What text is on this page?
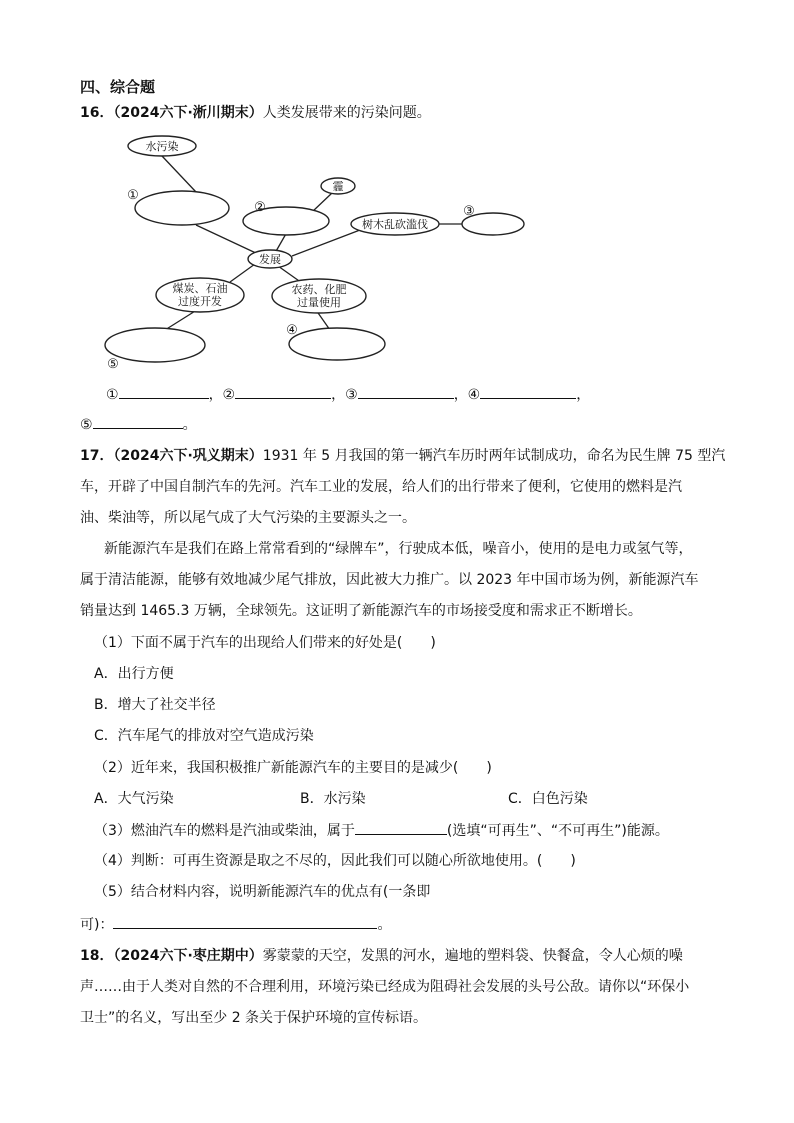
四、综合题
16．（2024六下·淅川期末）人类发展带来的污染问题。
水污染
霾
树木乱砍滥伐
发展
煤炭、石油
过度开发
农药、化肥
过量使用
①
②	③
④
⑤
①	，②	，③	，④	，
⑤	。
17．（2024六下·巩义期末）1931 年 5 月我国的第一辆汽车历时两年试制成功，命名为民生牌 75 型汽
车，开辟了中国自制汽车的先河。汽车工业的发展，给人们的出行带来了便利，它使用的燃料是汽
油、柴油等，所以尾气成了大气污染的主要源头之一。
新能源汽车是我们在路上常常看到的“绿牌车”，行驶成本低，噪音小，使用的是电力或氢气等，
属于清洁能源，能够有效地减少尾气排放，因此被大力推广。以 2023 年中国市场为例，新能源汽车
销量达到 1465.3 万辆，全球领先。这证明了新能源汽车的市场接受度和需求正不断增长。
（1）下面不属于汽车的出现给人们带来的好处是(　　)
A．出行方便
B．增大了社交半径
C．汽车尾气的排放对空气造成污染
（2）近年来，我国积极推广新能源汽车的主要目的是减少(　　)
A．大气污染	B．水污染	C．白色污染
（3）燃油汽车的燃料是汽油或柴油，属于	(选填“可再生”、“不可再生”)能源。
（4）判断：可再生资源是取之不尽的，因此我们可以随心所欲地使用。(　　)
（5）结合材料内容，说明新能源汽车的优点有(一条即
可)：	。
18．（2024六下·枣庄期中）雾蒙蒙的天空，发黑的河水，遍地的塑料袋、快餐盒，令人心烦的噪
声……由于人类对自然的不合理利用，环境污染已经成为阻碍社会发展的头号公敌。请你以“环保小
卫士”的名义，写出至少 2 条关于保护环境的宣传标语。
